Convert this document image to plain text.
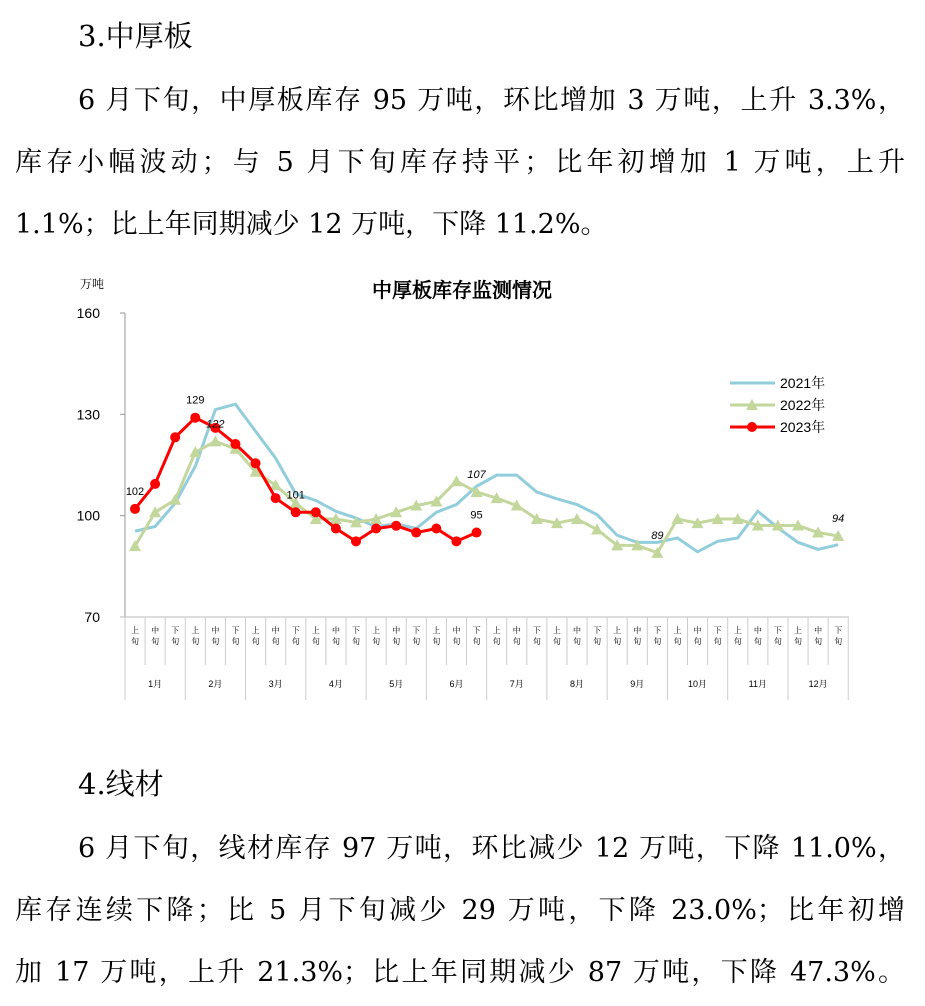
3.中厚板
6 月下旬，中厚板库存 95 万吨，环比增加 3 万吨，上升 3.3%，
库存小幅波动；与 5 月下旬库存持平；比年初增加 1 万吨，上升
1.1%；比上年同期减少 12 万吨，下降 11.2%。
万吨	中厚板库存监测情况
70
100
130
160
上旬
中旬
下旬
上旬
中旬
下旬
上旬
中旬
下旬
上旬
中旬
下旬
上旬
中旬
下旬
上旬
中旬
下旬
上旬
中旬
下旬
上旬
中旬
下旬
上旬
中旬
下旬
上旬
中旬
下旬
上旬
中旬
下旬
上旬
中旬
下旬
1月	2月	3月	4月	5月	6月	7月	8月	9月	10月	11月	12月
102
129
122
101
107
95
89
94
2021年
2022年
2023年
4.线材
6 月下旬，线材库存 97 万吨，环比减少 12 万吨，下降 11.0%，
库存连续下降；比 5 月下旬减少 29 万吨，下降 23.0%；比年初增
加 17 万吨，上升 21.3%；比上年同期减少 87 万吨，下降 47.3%。
